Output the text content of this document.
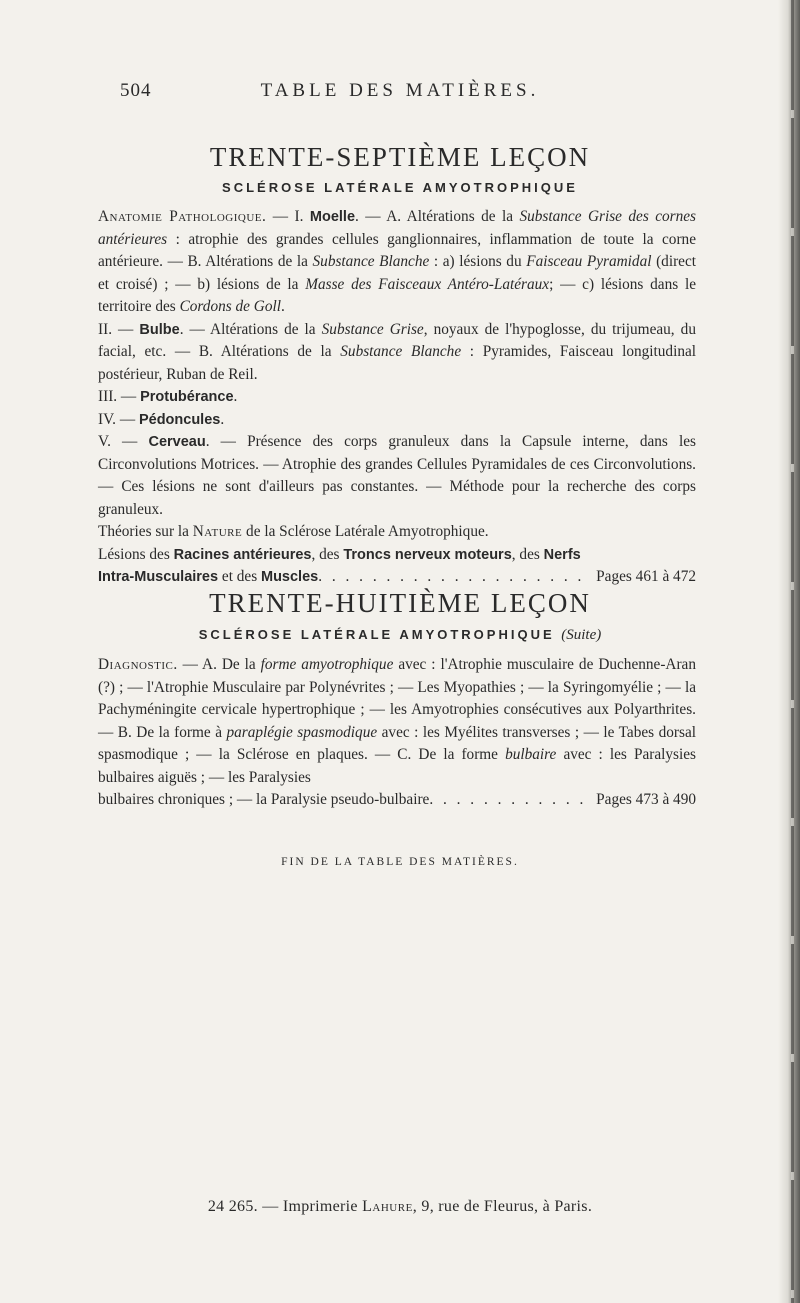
504	TABLE DES MATIÈRES.
TRENTE-SEPTIÈME LEÇON
SCLÉROSE LATÉRALE AMYOTROPHIQUE

Anatomie Pathologique. — I. Moelle. — A. Altérations de la Substance Grise des cornes antérieures : atrophie des grandes cellules ganglionnaires, inflammation de toute la corne antérieure. — B. Altérations de la Substance Blanche : a) lésions du Faisceau Pyramidal (direct et croisé) ; — b) lésions de la Masse des Faisceaux Antéro-Latéraux; — c) lésions dans le territoire des Cordons de Goll.

II. — Bulbe. — Altérations de la Substance Grise, noyaux de l'hypoglosse, du trijumeau, du facial, etc. — B. Altérations de la Substance Blanche : Pyramides, Faisceau longitudinal postérieur, Ruban de Reil.

III. — Protubérance.

IV. — Pédoncules.

V. — Cerveau. — Présence des corps granuleux dans la Capsule interne, dans les Circonvolutions Motrices. — Atrophie des grandes Cellules Pyramidales de ces Circonvolutions. — Ces lésions ne sont d'ailleurs pas constantes. — Méthode pour la recherche des corps granuleux.

Théories sur la Nature de la Sclérose Latérale Amyotrophique.

Lésions des Racines antérieures, des Troncs nerveux moteurs, des Nerfs

Intra-Musculaires et des Muscles . . .	Pages 461 à 472
TRENTE-HUITIÈME LEÇON
SCLÉROSE LATÉRALE AMYOTROPHIQUE (Suite)

Diagnostic. — A. De la forme amyotrophique avec : l'Atrophie musculaire de Duchenne-Aran (?) ; — l'Atrophie Musculaire par Polynévrites ; — Les Myopathies ; — la Syringomyélie ; — la Pachyméningite cervicale hypertrophique ; — les Amyotrophies consécutives aux Polyarthrites. — B. De la forme à paraplégie spasmodique avec : les Myélites transverses ; — le Tabes dorsal spasmodique ; — la Sclérose en plaques. — C. De la forme bulbaire avec : les Paralysies bulbaires aiguës ; — les Paralysies

bulbaires chroniques ; — la Paralysie pseudo-bulbaire . . .	Pages 473 à 490
FIN DE LA TABLE DES MATIÈRES.
24 265. — Imprimerie Lahure, 9, rue de Fleurus, à Paris.
